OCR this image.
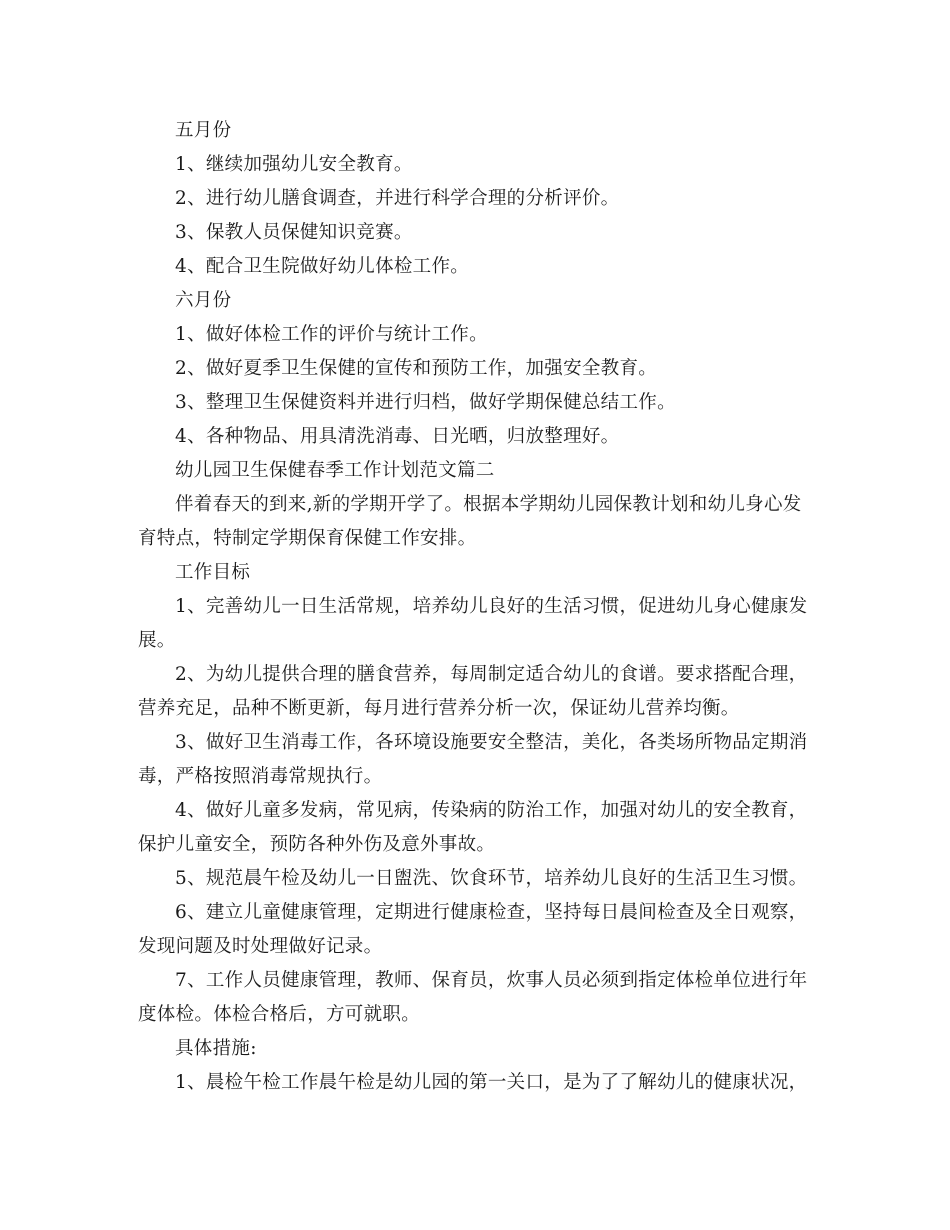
五月份

1、继续加强幼儿安全教育。

2、进行幼儿膳食调查，并进行科学合理的分析评价。

3、保教人员保健知识竞赛。

4、配合卫生院做好幼儿体检工作。

六月份

1、做好体检工作的评价与统计工作。

2、做好夏季卫生保健的宣传和预防工作，加强安全教育。

3、整理卫生保健资料并进行归档，做好学期保健总结工作。

4、各种物品、用具清洗消毒、日光晒，归放整理好。

幼儿园卫生保健春季工作计划范文篇二

伴着春天的到来,新的学期开学了。根据本学期幼儿园保教计划和幼儿身心发

育特点，特制定学期保育保健工作安排。

工作目标

1、完善幼儿一日生活常规，培养幼儿良好的生活习惯，促进幼儿身心健康发

展。

2、为幼儿提供合理的膳食营养，每周制定适合幼儿的食谱。要求搭配合理，

营养充足，品种不断更新，每月进行营养分析一次，保证幼儿营养均衡。

3、做好卫生消毒工作，各环境设施要安全整洁，美化，各类场所物品定期消

毒，严格按照消毒常规执行。

4、做好儿童多发病，常见病，传染病的防治工作，加强对幼儿的安全教育，

保护儿童安全，预防各种外伤及意外事故。

5、规范晨午检及幼儿一日盥洗、饮食环节，培养幼儿良好的生活卫生习惯。

6、建立儿童健康管理，定期进行健康检查，坚持每日晨间检查及全日观察，

发现问题及时处理做好记录。

7、工作人员健康管理，教师、保育员，炊事人员必须到指定体检单位进行年

度体检。体检合格后，方可就职。

具体措施:

1、晨检午检工作晨午检是幼儿园的第一关口，是为了了解幼儿的健康状况，
